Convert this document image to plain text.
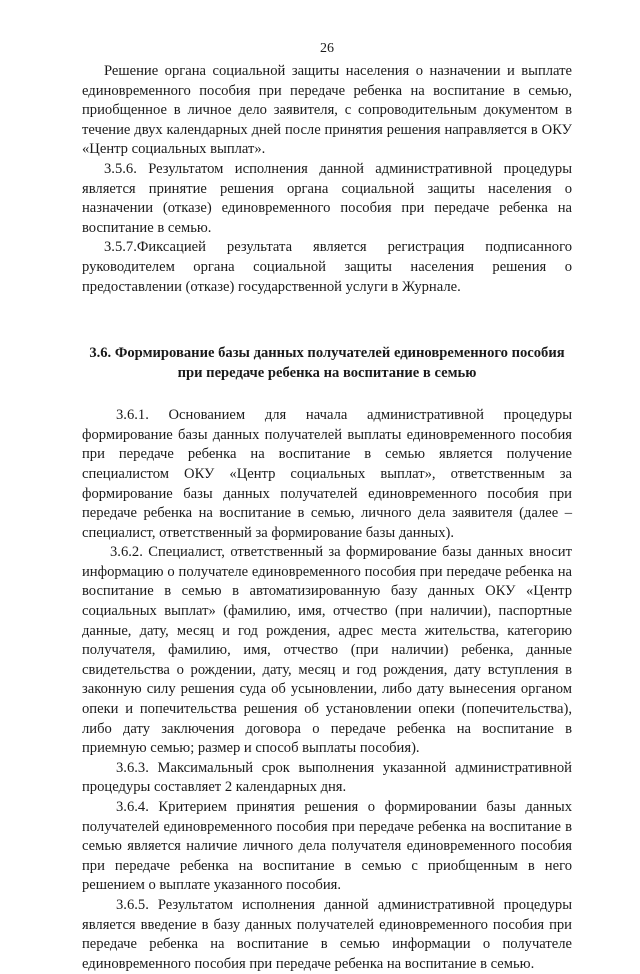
26

Решение органа социальной защиты населения о назначении и выплате единовременного пособия при передаче ребенка на воспитание в семью, приобщенное в личное дело заявителя, с сопроводительным документом в течение двух календарных дней после принятия решения направляется в ОКУ «Центр социальных выплат».

3.5.6. Результатом исполнения данной административной процедуры является принятие решения органа социальной защиты населения о назначении (отказе) единовременного пособия при передаче ребенка на воспитание в семью.

3.5.7.Фиксацией результата является регистрация подписанного руководителем органа социальной защиты населения решения о предоставлении (отказе) государственной услуги в Журнале.

3.6. Формирование базы данных получателей единовременного пособия при передаче ребенка на воспитание в семью

3.6.1. Основанием для начала административной процедуры формирование базы данных получателей выплаты единовременного пособия при передаче ребенка на воспитание в семью является получение специалистом ОКУ «Центр социальных выплат», ответственным за формирование базы данных получателей единовременного пособия при передаче ребенка на воспитание в семью, личного дела заявителя (далее – специалист, ответственный за формирование базы данных).

3.6.2. Специалист, ответственный за формирование базы данных вносит информацию о получателе единовременного пособия при передаче ребенка на воспитание в семью в автоматизированную базу данных ОКУ «Центр социальных выплат» (фамилию, имя, отчество (при наличии), паспортные данные, дату, месяц и год рождения, адрес места жительства, категорию получателя, фамилию, имя, отчество (при наличии) ребенка, данные свидетельства о рождении, дату, месяц и год рождения, дату вступления в законную силу решения суда об усыновлении, либо дату вынесения органом опеки и попечительства решения об установлении опеки (попечительства), либо дату заключения договора о передаче ребенка на воспитание в приемную семью; размер и способ выплаты пособия).

3.6.3. Максимальный срок выполнения указанной административной процедуры составляет 2 календарных дня.

3.6.4. Критерием принятия решения о формировании базы данных получателей единовременного пособия при передаче ребенка на воспитание в семью является наличие личного дела получателя единовременного пособия при передаче ребенка на воспитание в семью с приобщенным в него решением о выплате указанного пособия.

3.6.5. Результатом исполнения данной административной процедуры является введение в базу данных получателей единовременного пособия при передаче ребенка на воспитание в семью информации о получателе единовременного пособия при передаче ребенка на воспитание в семью.
